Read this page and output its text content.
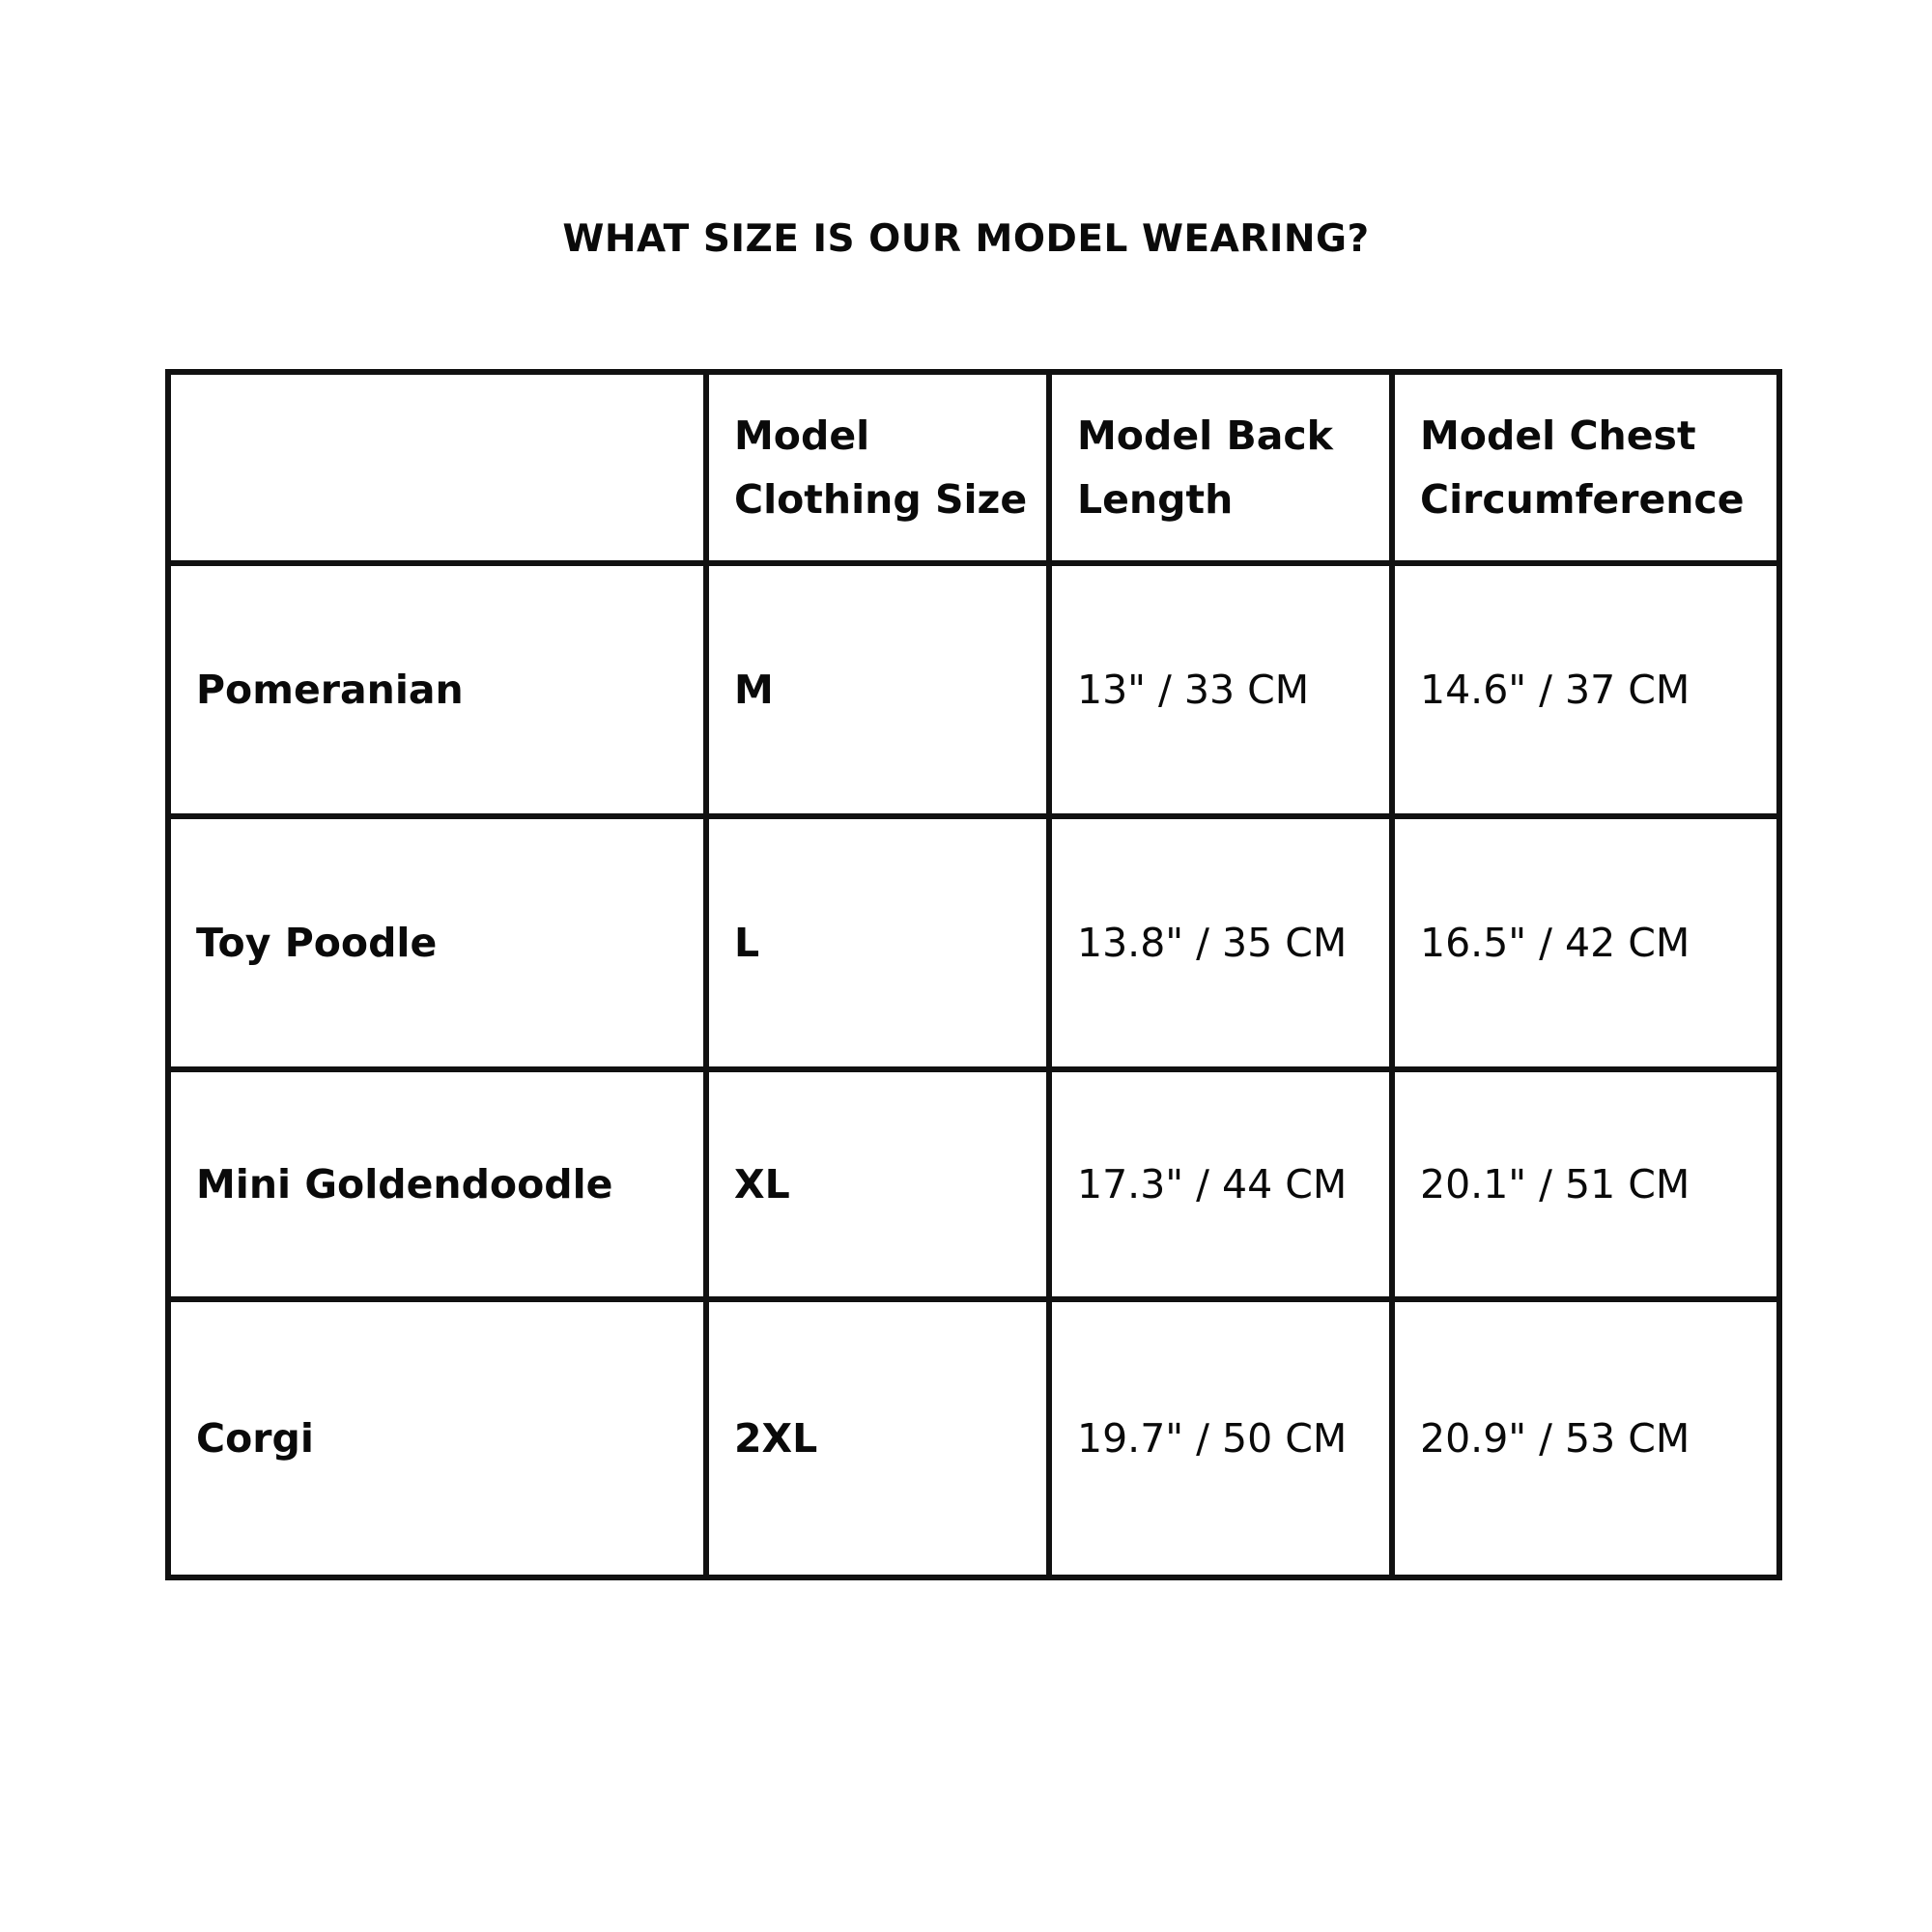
WHAT SIZE IS OUR MODEL WEARING?
	Model Clothing Size	Model Back Length	Model Chest Circumference
Pomeranian	M	13" / 33 CM	14.6" / 37 CM
Toy Poodle	L	13.8" / 35 CM	16.5" / 42 CM
Mini Goldendoodle	XL	17.3" / 44 CM	20.1" / 51 CM
Corgi	2XL	19.7" / 50 CM	20.9" / 53 CM
